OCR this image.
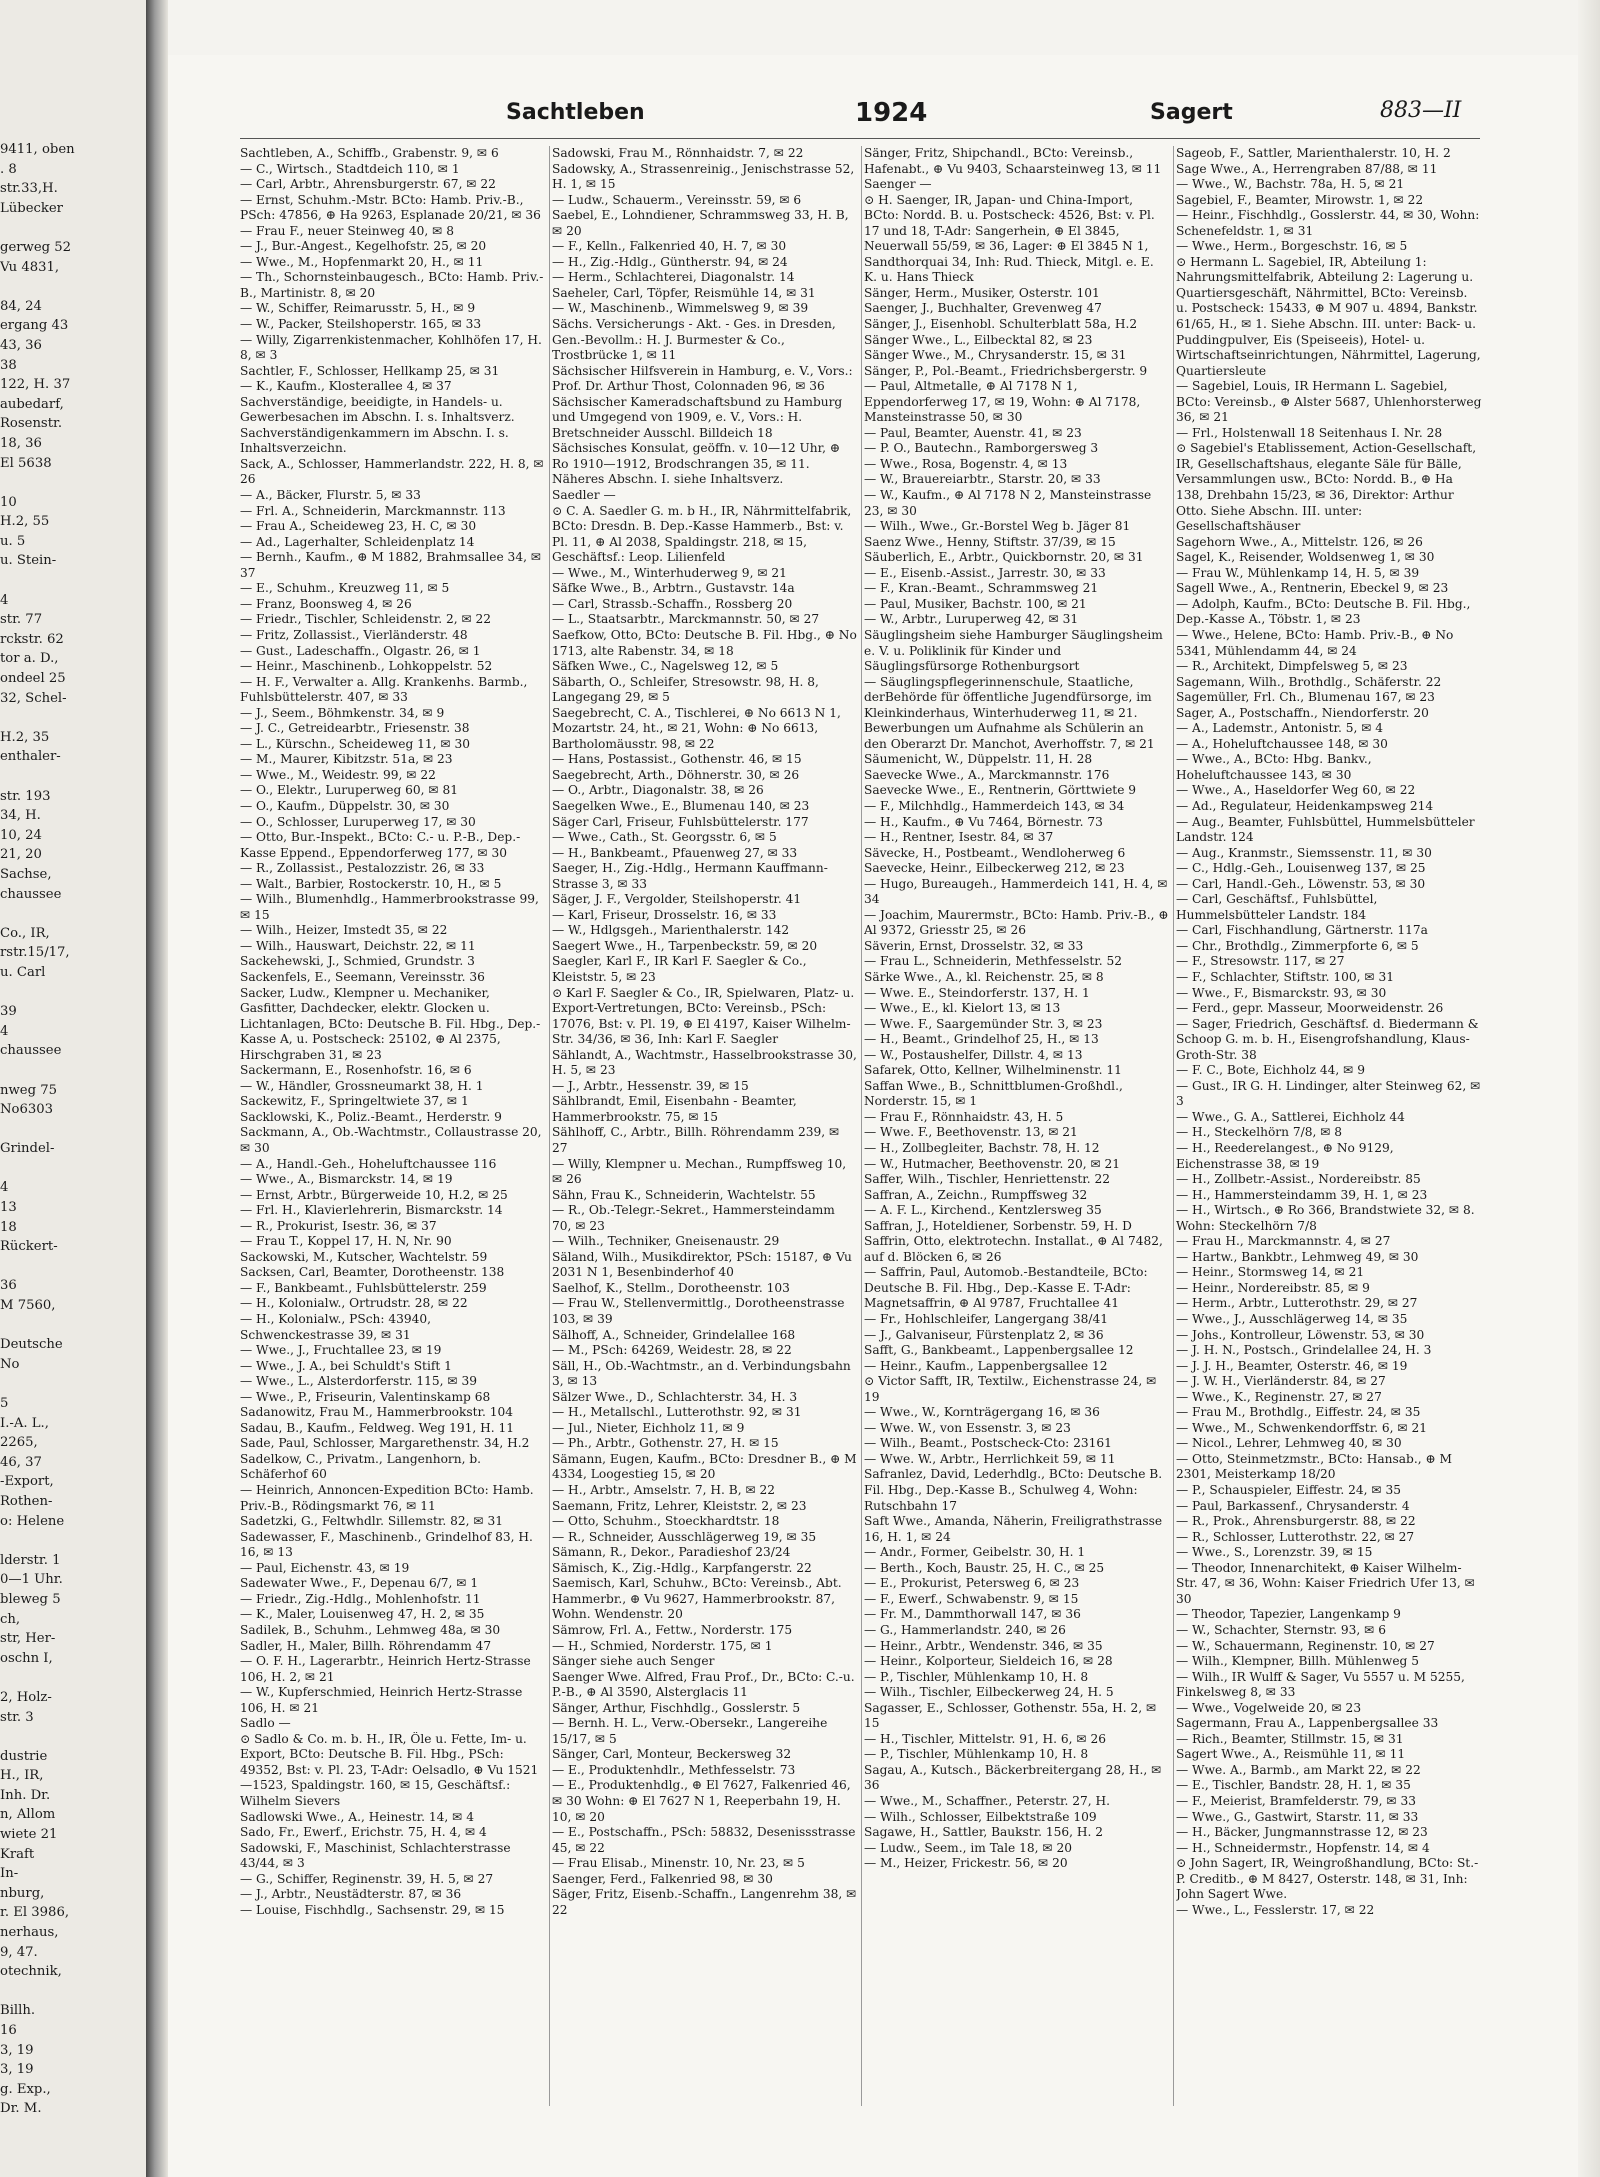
9411, oben
. 8
str.33,H.
Lübecker

gerweg 52
Vu 4831,

84, 24
ergang 43
43, 36
38
122, H. 37
aubedarf,
Rosenstr.
18, 36
El 5638

10
H.2, 55
u. 5
u. Stein-

4
str. 77
rckstr. 62
tor a. D.,
ondeel 25
32, Schel-

H.2, 35
enthaler-

str. 193
34, H.
10, 24
21, 20
Sachse,
chaussee

Co., IR,
rstr.15/17,
u. Carl

39
4
chaussee

nweg 75
No6303

Grindel-

4
13
18
Rückert-

36
M 7560,

Deutsche
No

5
I.-A. L.,
2265,
46, 37
-Export,
Rothen-
o: Helene

lderstr. 1
0—1 Uhr.
bleweg 5
ch,
str, Her-
oschn I,

2, Holz-
str. 3

dustrie
H., IR,
Inh. Dr.
n, Allom
wiete 21
Kraft
In-
nburg,
r. El 3986,
nerhaus,
9, 47.
otechnik,

Billh.
16
3, 19
3, 19
g. Exp.,
Dr. M.
Sachtleben	1924	Sagert	883—II
Sachtleben, A., Schiffb., Grabenstr. 9, ✉ 6
— C., Wirtsch., Stadtdeich 110, ✉ 1
— Carl, Arbtr., Ahrensburgerstr. 67, ✉ 22
— Ernst, Schuhm.-Mstr. BCto: Hamb. Priv.-B., PSch: 47856, ⊕ Ha 9263, Esplanade 20/21, ✉ 36
— Frau F., neuer Steinweg 40, ✉ 8
— J., Bur.-Angest., Kegelhofstr. 25, ✉ 20
— Wwe., M., Hopfenmarkt 20, H., ✉ 11
— Th., Schornsteinbaugesch., BCto: Hamb. Priv.-B., Martinistr. 8, ✉ 20
— W., Schiffer, Reimarusstr. 5, H., ✉ 9
— W., Packer, Steilshoperstr. 165, ✉ 33
— Willy, Zigarrenkistenmacher, Kohlhöfen 17, H. 8, ✉ 3
Sachtler, F., Schlosser, Hellkamp 25, ✉ 31
— K., Kaufm., Klosterallee 4, ✉ 37
Sachverständige, beeidigte, in Handels- u. Gewerbesachen im Abschn. I. s. Inhaltsverz.
Sachverständigenkammern im Abschn. I. s. Inhaltsverzeichn.
Sack, A., Schlosser, Hammerlandstr. 222, H. 8, ✉ 26
— A., Bäcker, Flurstr. 5, ✉ 33
— Frl. A., Schneiderin, Marckmannstr. 113
— Frau A., Scheideweg 23, H. C, ✉ 30
— Ad., Lagerhalter, Schleidenplatz 14
— Bernh., Kaufm., ⊕ M 1882, Brahmsallee 34, ✉ 37
— E., Schuhm., Kreuzweg 11, ✉ 5
— Franz, Boonsweg 4, ✉ 26
— Friedr., Tischler, Schleidenstr. 2, ✉ 22
— Fritz, Zollassist., Vierländerstr. 48
— Gust., Ladeschaffn., Olgastr. 26, ✉ 1
— Heinr., Maschinenb., Lohkoppelstr. 52
— H. F., Verwalter a. Allg. Krankenhs. Barmb., Fuhlsbüttelerstr. 407, ✉ 33
— J., Seem., Böhmkenstr. 34, ✉ 9
— J. C., Getreidearbtr., Friesenstr. 38
— L., Kürschn., Scheideweg 11, ✉ 30
— M., Maurer, Kibitzstr. 51a, ✉ 23
— Wwe., M., Weidestr. 99, ✉ 22
— O., Elektr., Luruperweg 60, ✉ 81
— O., Kaufm., Düppelstr. 30, ✉ 30
— O., Schlosser, Luruperweg 17, ✉ 30
— Otto, Bur.-Inspekt., BCto: C.- u. P.-B., Dep.-Kasse Eppend., Eppendorferweg 177, ✉ 30
— R., Zollassist., Pestalozzistr. 26, ✉ 33
— Walt., Barbier, Rostockerstr. 10, H., ✉ 5
— Wilh., Blumenhdlg., Hammerbrookstrasse 99, ✉ 15
— Wilh., Heizer, Imstedt 35, ✉ 22
— Wilh., Hauswart, Deichstr. 22, ✉ 11
Sackehewski, J., Schmied, Grundstr. 3
Sackenfels, E., Seemann, Vereinsstr. 36
Sacker, Ludw., Klempner u. Mechaniker, Gasfitter, Dachdecker, elektr. Glocken u. Lichtanlagen, BCto: Deutsche B. Fil. Hbg., Dep.-Kasse A, u. Postscheck: 25102, ⊕ Al 2375, Hirschgraben 31, ✉ 23
Sackermann, E., Rosenhofstr. 16, ✉ 6
— W., Händler, Grossneumarkt 38, H. 1
Sackewitz, F., Springeltwiete 37, ✉ 1
Sacklowski, K., Poliz.-Beamt., Herderstr. 9
Sackmann, A., Ob.-Wachtmstr., Collaustrasse 20, ✉ 30
— A., Handl.-Geh., Hoheluftchaussee 116
— Wwe., A., Bismarckstr. 14, ✉ 19
— Ernst, Arbtr., Bürgerweide 10, H.2, ✉ 25
— Frl. H., Klavierlehrerin, Bismarckstr. 14
— R., Prokurist, Isestr. 36, ✉ 37
— Frau T., Koppel 17, H. N, Nr. 90
Sackowski, M., Kutscher, Wachtelstr. 59
Sacksen, Carl, Beamter, Dorotheenstr. 138
— F., Bankbeamt., Fuhlsbüttelerstr. 259
— H., Kolonialw., Ortrudstr. 28, ✉ 22
— H., Kolonialw., PSch: 43940, Schwenckestrasse 39, ✉ 31
— Wwe., J., Fruchtallee 23, ✉ 19
— Wwe., J. A., bei Schuldt's Stift 1
— Wwe., L., Alsterdorferstr. 115, ✉ 39
— Wwe., P., Friseurin, Valentinskamp 68
Sadanowitz, Frau M., Hammerbrookstr. 104
Sadau, B., Kaufm., Feldweg. Weg 191, H. 11
Sade, Paul, Schlosser, Margarethenstr. 34, H.2
Sadelkow, C., Privatm., Langenhorn, b. Schäferhof 60
— Heinrich, Annoncen-Expedition BCto: Hamb. Priv.-B., Rödingsmarkt 76, ✉ 11
Sadetzki, G., Feltwhdlr. Sillemstr. 82, ✉ 31
Sadewasser, F., Maschinenb., Grindelhof 83, H. 16, ✉ 13
— Paul, Eichenstr. 43, ✉ 19
Sadewater Wwe., F., Depenau 6/7, ✉ 1
— Friedr., Zig.-Hdlg., Mohlenhofstr. 11
— K., Maler, Louisenweg 47, H. 2, ✉ 35
Sadilek, B., Schuhm., Lehmweg 48a, ✉ 30
Sadler, H., Maler, Billh. Röhrendamm 47
— O. F. H., Lagerarbtr., Heinrich Hertz-Strasse 106, H. 2, ✉ 21
— W., Kupferschmied, Heinrich Hertz-Strasse 106, H. ✉ 21
Sadlo —
⊙ Sadlo & Co. m. b. H., IR, Öle u. Fette, Im- u. Export, BCto: Deutsche B. Fil. Hbg., PSch: 49352, Bst: v. Pl. 23, T-Adr: Oelsadlo, ⊕ Vu 1521—1523, Spaldingstr. 160, ✉ 15, Geschäftsf.: Wilhelm Sievers
Sadlowski Wwe., A., Heinestr. 14, ✉ 4
Sado, Fr., Ewerf., Erichstr. 75, H. 4, ✉ 4
Sadowski, F., Maschinist, Schlachterstrasse 43/44, ✉ 3
— G., Schiffer, Reginenstr. 39, H. 5, ✉ 27
— J., Arbtr., Neustädterstr. 87, ✉ 36
— Louise, Fischhdlg., Sachsenstr. 29, ✉ 15
Sadowski, Frau M., Rönnhaidstr. 7, ✉ 22
Sadowsky, A., Strassenreinig., Jenischstrasse 52, H. 1, ✉ 15
— Ludw., Schauerm., Vereinsstr. 59, ✉ 6
Saebel, E., Lohndiener, Schrammsweg 33, H. B, ✉ 20
— F., Kelln., Falkenried 40, H. 7, ✉ 30
— H., Zig.-Hdlg., Güntherstr. 94, ✉ 24
— Herm., Schlachterei, Diagonalstr. 14
Saeheler, Carl, Töpfer, Reismühle 14, ✉ 31
— W., Maschinenb., Wimmelsweg 9, ✉ 39
Sächs. Versicherungs - Akt. - Ges. in Dresden, Gen.-Bevollm.: H. J. Burmester & Co., Trostbrücke 1, ✉ 11
Sächsischer Hilfsverein in Hamburg, e. V., Vors.: Prof. Dr. Arthur Thost, Colonnaden 96, ✉ 36
Sächsischer Kameradschaftsbund zu Hamburg und Umgegend von 1909, e. V., Vors.: H. Bretschneider Ausschl. Billdeich 18
Sächsisches Konsulat, geöffn. v. 10—12 Uhr, ⊕ Ro 1910—1912, Brodschrangen 35, ✉ 11. Näheres Abschn. I. siehe Inhaltsverz.
Saedler —
⊙ C. A. Saedler G. m. b H., IR, Nährmittelfabrik, BCto: Dresdn. B. Dep.-Kasse Hammerb., Bst: v. Pl. 11, ⊕ Al 2038, Spaldingstr. 218, ✉ 15, Geschäftsf.: Leop. Lilienfeld
— Wwe., M., Winterhuderweg 9, ✉ 21
Säfke Wwe., B., Arbtrn., Gustavstr. 14a
— Carl, Strassb.-Schaffn., Rossberg 20
— L., Staatsarbtr., Marckmannstr. 50, ✉ 27
Saefkow, Otto, BCto: Deutsche B. Fil. Hbg., ⊕ No 1713, alte Rabenstr. 34, ✉ 18
Säfken Wwe., C., Nagelsweg 12, ✉ 5
Säbarth, O., Schleifer, Stresowstr. 98, H. 8, Langegang 29, ✉ 5
Saegebrecht, C. A., Tischlerei, ⊕ No 6613 N 1, Mozartstr. 24, ht., ✉ 21, Wohn: ⊕ No 6613, Bartholomäusstr. 98, ✉ 22
— Hans, Postassist., Gothenstr. 46, ✉ 15
Saegebrecht, Arth., Döhnerstr. 30, ✉ 26
— O., Arbtr., Diagonalstr. 38, ✉ 26
Saegelken Wwe., E., Blumenau 140, ✉ 23
Säger Carl, Friseur, Fuhlsbüttelerstr. 177
— Wwe., Cath., St. Georgsstr. 6, ✉ 5
— H., Bankbeamt., Pfauenweg 27, ✉ 33
Saeger, H., Zig.-Hdlg., Hermann Kauffmann-Strasse 3, ✉ 33
Säger, J. F., Vergolder, Steilshoperstr. 41
— Karl, Friseur, Drosselstr. 16, ✉ 33
— W., Hdlgsgeh., Marienthalerstr. 142
Saegert Wwe., H., Tarpenbeckstr. 59, ✉ 20
Saegler, Karl F., IR Karl F. Saegler & Co., Kleiststr. 5, ✉ 23
⊙ Karl F. Saegler & Co., IR, Spielwaren, Platz- u. Export-Vertretungen, BCto: Vereinsb., PSch: 17076, Bst: v. Pl. 19, ⊕ El 4197, Kaiser Wilhelm-Str. 34/36, ✉ 36, Inh: Karl F. Saegler
Sählandt, A., Wachtmstr., Hasselbrookstrasse 30, H. 5, ✉ 23
— J., Arbtr., Hessenstr. 39, ✉ 15
Sählbrandt, Emil, Eisenbahn - Beamter, Hammerbrookstr. 75, ✉ 15
Sählhoff, C., Arbtr., Billh. Röhrendamm 239, ✉ 27
— Willy, Klempner u. Mechan., Rumpffsweg 10, ✉ 26
Sähn, Frau K., Schneiderin, Wachtelstr. 55
— R., Ob.-Telegr.-Sekret., Hammersteindamm 70, ✉ 23
— Wilh., Techniker, Gneisenaustr. 29
Säland, Wilh., Musikdirektor, PSch: 15187, ⊕ Vu 2031 N 1, Besenbinderhof 40
Saelhof, K., Stellm., Dorotheenstr. 103
— Frau W., Stellenvermittlg., Dorotheenstrasse 103, ✉ 39
Sälhoff, A., Schneider, Grindelallee 168
— M., PSch: 64269, Weidestr. 28, ✉ 22
Säll, H., Ob.-Wachtmstr., an d. Verbindungsbahn 3, ✉ 13
Sälzer Wwe., D., Schlachterstr. 34, H. 3
— H., Metallschl., Lutterothstr. 92, ✉ 31
— Jul., Nieter, Eichholz 11, ✉ 9
— Ph., Arbtr., Gothenstr. 27, H. ✉ 15
Sämann, Eugen, Kaufm., BCto: Dresdner B., ⊕ M 4334, Loogestieg 15, ✉ 20
— H., Arbtr., Amselstr. 7, H. B, ✉ 22
Saemann, Fritz, Lehrer, Kleiststr. 2, ✉ 23
— Otto, Schuhm., Stoeckhardtstr. 18
— R., Schneider, Ausschlägerweg 19, ✉ 35
Sämann, R., Dekor., Paradieshof 23/24
Sämisch, K., Zig.-Hdlg., Karpfangerstr. 22
Saemisch, Karl, Schuhw., BCto: Vereinsb., Abt. Hammerbr., ⊕ Vu 9627, Hammerbrookstr. 87, Wohn. Wendenstr. 20
Sämrow, Frl. A., Fettw., Norderstr. 175
— H., Schmied, Norderstr. 175, ✉ 1
Sänger siehe auch Senger
Saenger Wwe. Alfred, Frau Prof., Dr., BCto: C.-u. P.-B., ⊕ Al 3590, Alsterglacis 11
Sänger, Arthur, Fischhdlg., Gosslerstr. 5
— Bernh. H. L., Verw.-Obersekr., Langereihe 15/17, ✉ 5
Sänger, Carl, Monteur, Beckersweg 32
— E., Produktenhdlr., Methfesselstr. 73
— E., Produktenhdlg., ⊕ El 7627, Falkenried 46, ✉ 30 Wohn: ⊕ El 7627 N 1, Reeperbahn 19, H. 10, ✉ 20
— E., Postschaffn., PSch: 58832, Desenissstrasse 45, ✉ 22
— Frau Elisab., Minenstr. 10, Nr. 23, ✉ 5
Saenger, Ferd., Falkenried 98, ✉ 30
Säger, Fritz, Eisenb.-Schaffn., Langenrehm 38, ✉ 22
Sänger, Fritz, Shipchandl., BCto: Vereinsb., Hafenabt., ⊕ Vu 9403, Schaarsteinweg 13, ✉ 11
Saenger —
⊙ H. Saenger, IR, Japan- und China-Import, BCto: Nordd. B. u. Postscheck: 4526, Bst: v. Pl. 17 und 18, T-Adr: Sangerhein, ⊕ El 3845, Neuerwall 55/59, ✉ 36, Lager: ⊕ El 3845 N 1, Sandthorquai 34, Inh: Rud. Thieck, Mitgl. e. E. K. u. Hans Thieck
Sänger, Herm., Musiker, Osterstr. 101
Saenger, J., Buchhalter, Grevenweg 47
Sänger, J., Eisenhobl. Schulterblatt 58a, H.2
Sänger Wwe., L., Eilbecktal 82, ✉ 23
Sänger Wwe., M., Chrysanderstr. 15, ✉ 31
Sänger, P., Pol.-Beamt., Friedrichsbergerstr. 9
— Paul, Altmetalle, ⊕ Al 7178 N 1, Eppendorferweg 17, ✉ 19, Wohn: ⊕ Al 7178, Mansteinstrasse 50, ✉ 30
— Paul, Beamter, Auenstr. 41, ✉ 23
— P. O., Bautechn., Ramborgersweg 3
— Wwe., Rosa, Bogenstr. 4, ✉ 13
— W., Brauereiarbtr., Starstr. 20, ✉ 33
— W., Kaufm., ⊕ Al 7178 N 2, Mansteinstrasse 23, ✉ 30
— Wilh., Wwe., Gr.-Borstel Weg b. Jäger 81
Saenz Wwe., Henny, Stiftstr. 37/39, ✉ 15
Säuberlich, E., Arbtr., Quickbornstr. 20, ✉ 31
— E., Eisenb.-Assist., Jarrestr. 30, ✉ 33
— F., Kran.-Beamt., Schrammsweg 21
— Paul, Musiker, Bachstr. 100, ✉ 21
— W., Arbtr., Luruperweg 42, ✉ 31
Säuglingsheim siehe Hamburger Säuglingsheim e. V. u. Poliklinik für Kinder und Säuglingsfürsorge Rothenburgsort
— Säuglingspflegerinnenschule, Staatliche, derBehörde für öffentliche Jugendfürsorge, im Kleinkinderhaus, Winterhuderweg 11, ✉ 21. Bewerbungen um Aufnahme als Schülerin an den Oberarzt Dr. Manchot, Averhoffstr. 7, ✉ 21
Säumenicht, W., Düppelstr. 11, H. 28
Saevecke Wwe., A., Marckmannstr. 176
Saevecke Wwe., E., Rentnerin, Görttwiete 9
— F., Milchhdlg., Hammerdeich 143, ✉ 34
— H., Kaufm., ⊕ Vu 7464, Börnestr. 73
— H., Rentner, Isestr. 84, ✉ 37
Säveckе, H., Postbeamt., Wendloherweg 6
Saevecke, Heinr., Eilbeckerweg 212, ✉ 23
— Hugo, Bureaugeh., Hammerdeich 141, H. 4, ✉ 34
— Joachim, Maurermstr., BCto: Hamb. Priv.-B., ⊕ Al 9372, Griesstr 25, ✉ 26
Säverin, Ernst, Drosselstr. 32, ✉ 33
— Frau L., Schneiderin, Methfesselstr. 52
Särke Wwe., A., kl. Reichenstr. 25, ✉ 8
— Wwe. E., Steindorferstr. 137, H. 1
— Wwe., E., kl. Kielort 13, ✉ 13
— Wwe. F., Saargemünder Str. 3, ✉ 23
— H., Beamt., Grindelhof 25, H., ✉ 13
— W., Postaushelfer, Dillstr. 4, ✉ 13
Safarek, Otto, Kellner, Wilhelminenstr. 11
Saffan Wwe., B., Schnittblumen-Großhdl., Norderstr. 15, ✉ 1
— Frau F., Rönnhaidstr. 43, H. 5
— Wwe. F., Beethovenstr. 13, ✉ 21
— H., Zollbegleiter, Bachstr. 78, H. 12
— W., Hutmacher, Beethovenstr. 20, ✉ 21
Saffer, Wilh., Tischler, Henriettenstr. 22
Saffran, A., Zeichn., Rumpffsweg 32
— A. F. L., Kirchend., Kentzlersweg 35
Saffran, J., Hoteldiener, Sorbenstr. 59, H. D
Saffrin, Otto, elektrotechn. Installat., ⊕ Al 7482, auf d. Blöcken 6, ✉ 26
— Saffrin, Paul, Automob.-Bestandteile, BCto: Deutsche B. Fil. Hbg., Dep.-Kasse E. T-Adr: Magnetsaffrin, ⊕ Al 9787, Fruchtallee 41
— Fr., Hohlschleifer, Langergang 38/41
— J., Galvaniseur, Fürstenplatz 2, ✉ 36
Safft, G., Bankbeamt., Lappenbergsallee 12
— Heinr., Kaufm., Lappenbergsallee 12
⊙ Victor Safft, IR, Textilw., Eichenstrasse 24, ✉ 19
— Wwe., W., Kornträgergang 16, ✉ 36
— Wwe. W., von Essenstr. 3, ✉ 23
— Wilh., Beamt., Postscheck-Cto: 23161
— Wwe. W., Arbtr., Herrlichkeit 59, ✉ 11
Safranlez, David, Lederhdlg., BCto: Deutsche B. Fil. Hbg., Dep.-Kasse B., Schulweg 4, Wohn: Rutschbahn 17
Saft Wwe., Amanda, Näherin, Freiligrathstrasse 16, H. 1, ✉ 24
— Andr., Former, Geibelstr. 30, H. 1
— Berth., Koch, Baustr. 25, H. C., ✉ 25
— E., Prokurist, Petersweg 6, ✉ 23
— F., Ewerf., Schwabenstr. 9, ✉ 15
— Fr. M., Dammthorwall 147, ✉ 36
— G., Hammerlandstr. 240, ✉ 26
— Heinr., Arbtr., Wendenstr. 346, ✉ 35
— Heinr., Kolporteur, Sieldeich 16, ✉ 28
— P., Tischler, Mühlenkamp 10, H. 8
— Wilh., Tischler, Eilbeckerweg 24, H. 5
Sagasser, E., Schlosser, Gothenstr. 55a, H. 2, ✉ 15
— H., Tischler, Mittelstr. 91, H. 6, ✉ 26
— P., Tischler, Mühlenkamp 10, H. 8
Sagau, A., Kutsch., Bäckerbreitergang 28, H., ✉ 36
— Wwe., M., Schaffner., Peterstr. 27, H.
— Wilh., Schlosser, Eilbektstraße 109
Sagawe, H., Sattler, Baukstr. 156, H. 2
— Ludw., Seem., im Tale 18, ✉ 20
— M., Heizer, Frickestr. 56, ✉ 20
Sageob, F., Sattler, Marienthalerstr. 10, H. 2
Sage Wwe., A., Herrengraben 87/88, ✉ 11
— Wwe., W., Bachstr. 78a, H. 5, ✉ 21
Sagebiel, F., Beamter, Mirowstr. 1, ✉ 22
— Heinr., Fischhdlg., Gosslerstr. 44, ✉ 30, Wohn: Schenefeldstr. 1, ✉ 31
— Wwe., Herm., Borgeschstr. 16, ✉ 5
⊙ Hermann L. Sagebiel, IR, Abteilung 1: Nahrungsmittelfabrik, Abteilung 2: Lagerung u. Quartiersgeschäft, Nährmittel, BCto: Vereinsb. u. Postscheck: 15433, ⊕ M 907 u. 4894, Bankstr. 61/65, H., ✉ 1. Siehe Abschn. III. unter: Back- u. Puddingpulver, Eis (Speiseeis), Hotel- u. Wirtschaftseinrichtungen, Nährmittel, Lagerung, Quartiersleute
— Sagebiel, Louis, IR Hermann L. Sagebiel, BCto: Vereinsb., ⊕ Alster 5687, Uhlenhorsterweg 36, ✉ 21
— Frl., Holstenwall 18 Seitenhaus I. Nr. 28
⊙ Sagebiel's Etablissement, Action-Gesellschaft, IR, Gesellschaftshaus, elegante Säle für Bälle, Versammlungen usw., BCto: Nordd. B., ⊕ Ha 138, Drehbahn 15/23, ✉ 36, Direktor: Arthur Otto. Siehe Abschn. III. unter: Gesellschaftshäuser
Sagehorn Wwe., A., Mittelstr. 126, ✉ 26
Sagel, K., Reisender, Woldsenweg 1, ✉ 30
— Frau W., Mühlenkamp 14, H. 5, ✉ 39
Sagell Wwe., A., Rentnerin, Ebeckel 9, ✉ 23
— Adolph, Kaufm., BCto: Deutsche B. Fil. Hbg., Dep.-Kasse A., Töbstr. 1, ✉ 23
— Wwe., Helene, BCto: Hamb. Priv.-B., ⊕ No 5341, Mühlendamm 44, ✉ 24
— R., Architekt, Dimpfelsweg 5, ✉ 23
Sagemann, Wilh., Brothdlg., Schäferstr. 22
Sagemüller, Frl. Ch., Blumenau 167, ✉ 23
Sager, A., Postschaffn., Niendorferstr. 20
— A., Lademstr., Antonistr. 5, ✉ 4
— A., Hoheluftchaussee 148, ✉ 30
— Wwe., A., BCto: Hbg. Bankv., Hoheluftchaussee 143, ✉ 30
— Wwe., A., Haseldorfer Weg 60, ✉ 22
— Ad., Regulateur, Heidenkampsweg 214
— Aug., Beamter, Fuhlsbüttel, Hummelsbütteler Landstr. 124
— Aug., Kranmstr., Siemssenstr. 11, ✉ 30
— C., Hdlg.-Geh., Louisenweg 137, ✉ 25
— Carl, Handl.-Geh., Löwenstr. 53, ✉ 30
— Carl, Geschäftsf., Fuhlsbüttel, Hummelsbütteler Landstr. 184
— Carl, Fischhandlung, Gärtnerstr. 117a
— Chr., Brothdlg., Zimmerpforte 6, ✉ 5
— F., Stresowstr. 117, ✉ 27
— F., Schlachter, Stiftstr. 100, ✉ 31
— Wwe., F., Bismarckstr. 93, ✉ 30
— Ferd., gepr. Masseur, Moorweidenstr. 26
— Sager, Friedrich, Geschäftsf. d. Biedermann & Schoop G. m. b. H., Eisengrofshandlung, Klaus-Groth-Str. 38
— F. C., Bote, Eichholz 44, ✉ 9
— Gust., IR G. H. Lindinger, alter Steinweg 62, ✉ 3
— Wwe., G. A., Sattlerei, Eichholz 44
— H., Steckelhörn 7/8, ✉ 8
— H., Reederelangest., ⊕ No 9129, Eichenstrasse 38, ✉ 19
— H., Zollbetr.-Assist., Nordereibstr. 85
— H., Hammersteindamm 39, H. 1, ✉ 23
— H., Wirtsch., ⊕ Ro 366, Brandstwiete 32, ✉ 8. Wohn: Steckelhörn 7/8
— Frau H., Marckmannstr. 4, ✉ 27
— Hartw., Bankbtr., Lehmweg 49, ✉ 30
— Heinr., Stormsweg 14, ✉ 21
— Heinr., Nordereibstr. 85, ✉ 9
— Herm., Arbtr., Lutterothstr. 29, ✉ 27
— Wwe., J., Ausschlägerweg 14, ✉ 35
— Johs., Kontrolleur, Löwenstr. 53, ✉ 30
— J. H. N., Postsch., Grindelallee 24, H. 3
— J. J. H., Beamter, Osterstr. 46, ✉ 19
— J. W. H., Vierländerstr. 84, ✉ 27
— Wwe., K., Reginenstr. 27, ✉ 27
— Frau M., Brothdlg., Eiffestr. 24, ✉ 35
— Wwe., M., Schwenkendorffstr. 6, ✉ 21
— Nicol., Lehrer, Lehmweg 40, ✉ 30
— Otto, Steinmetzmstr., BCto: Hansab., ⊕ M 2301, Meisterkamp 18/20
— P., Schauspieler, Eiffestr. 24, ✉ 35
— Paul, Barkassenf., Chrysanderstr. 4
— R., Prok., Ahrensburgerstr. 88, ✉ 22
— R., Schlosser, Lutterothstr. 22, ✉ 27
— Wwe., S., Lorenzstr. 39, ✉ 15
— Theodor, Innenarchitekt, ⊕ Kaiser Wilhelm-Str. 47, ✉ 36, Wohn: Kaiser Friedrich Ufer 13, ✉ 30
— Theodor, Tapezier, Langenkamp 9
— W., Schachter, Sternstr. 93, ✉ 6
— W., Schauermann, Reginenstr. 10, ✉ 27
— Wilh., Klempner, Billh. Mühlenweg 5
— Wilh., IR Wulff & Sager, Vu 5557 u. M 5255, Finkelsweg 8, ✉ 33
— Wwe., Vogelweide 20, ✉ 23
Sagermann, Frau A., Lappenbergsallee 33
— Rich., Beamter, Stillmstr. 15, ✉ 31
Sagert Wwe., A., Reismühle 11, ✉ 11
— Wwe. A., Barmb., am Markt 22, ✉ 22
— E., Tischler, Bandstr. 28, H. 1, ✉ 35
— F., Meierist, Bramfelderstr. 79, ✉ 33
— Wwe., G., Gastwirt, Starstr. 11, ✉ 33
— H., Bäcker, Jungmannstrasse 12, ✉ 23
— H., Schneidermstr., Hopfenstr. 14, ✉ 4
⊙ John Sagert, IR, Weingroßhandlung, BCto: St.-P. Creditb., ⊕ M 8427, Osterstr. 148, ✉ 31, Inh: John Sagert Wwe.
— Wwe., L., Fesslerstr. 17, ✉ 22
